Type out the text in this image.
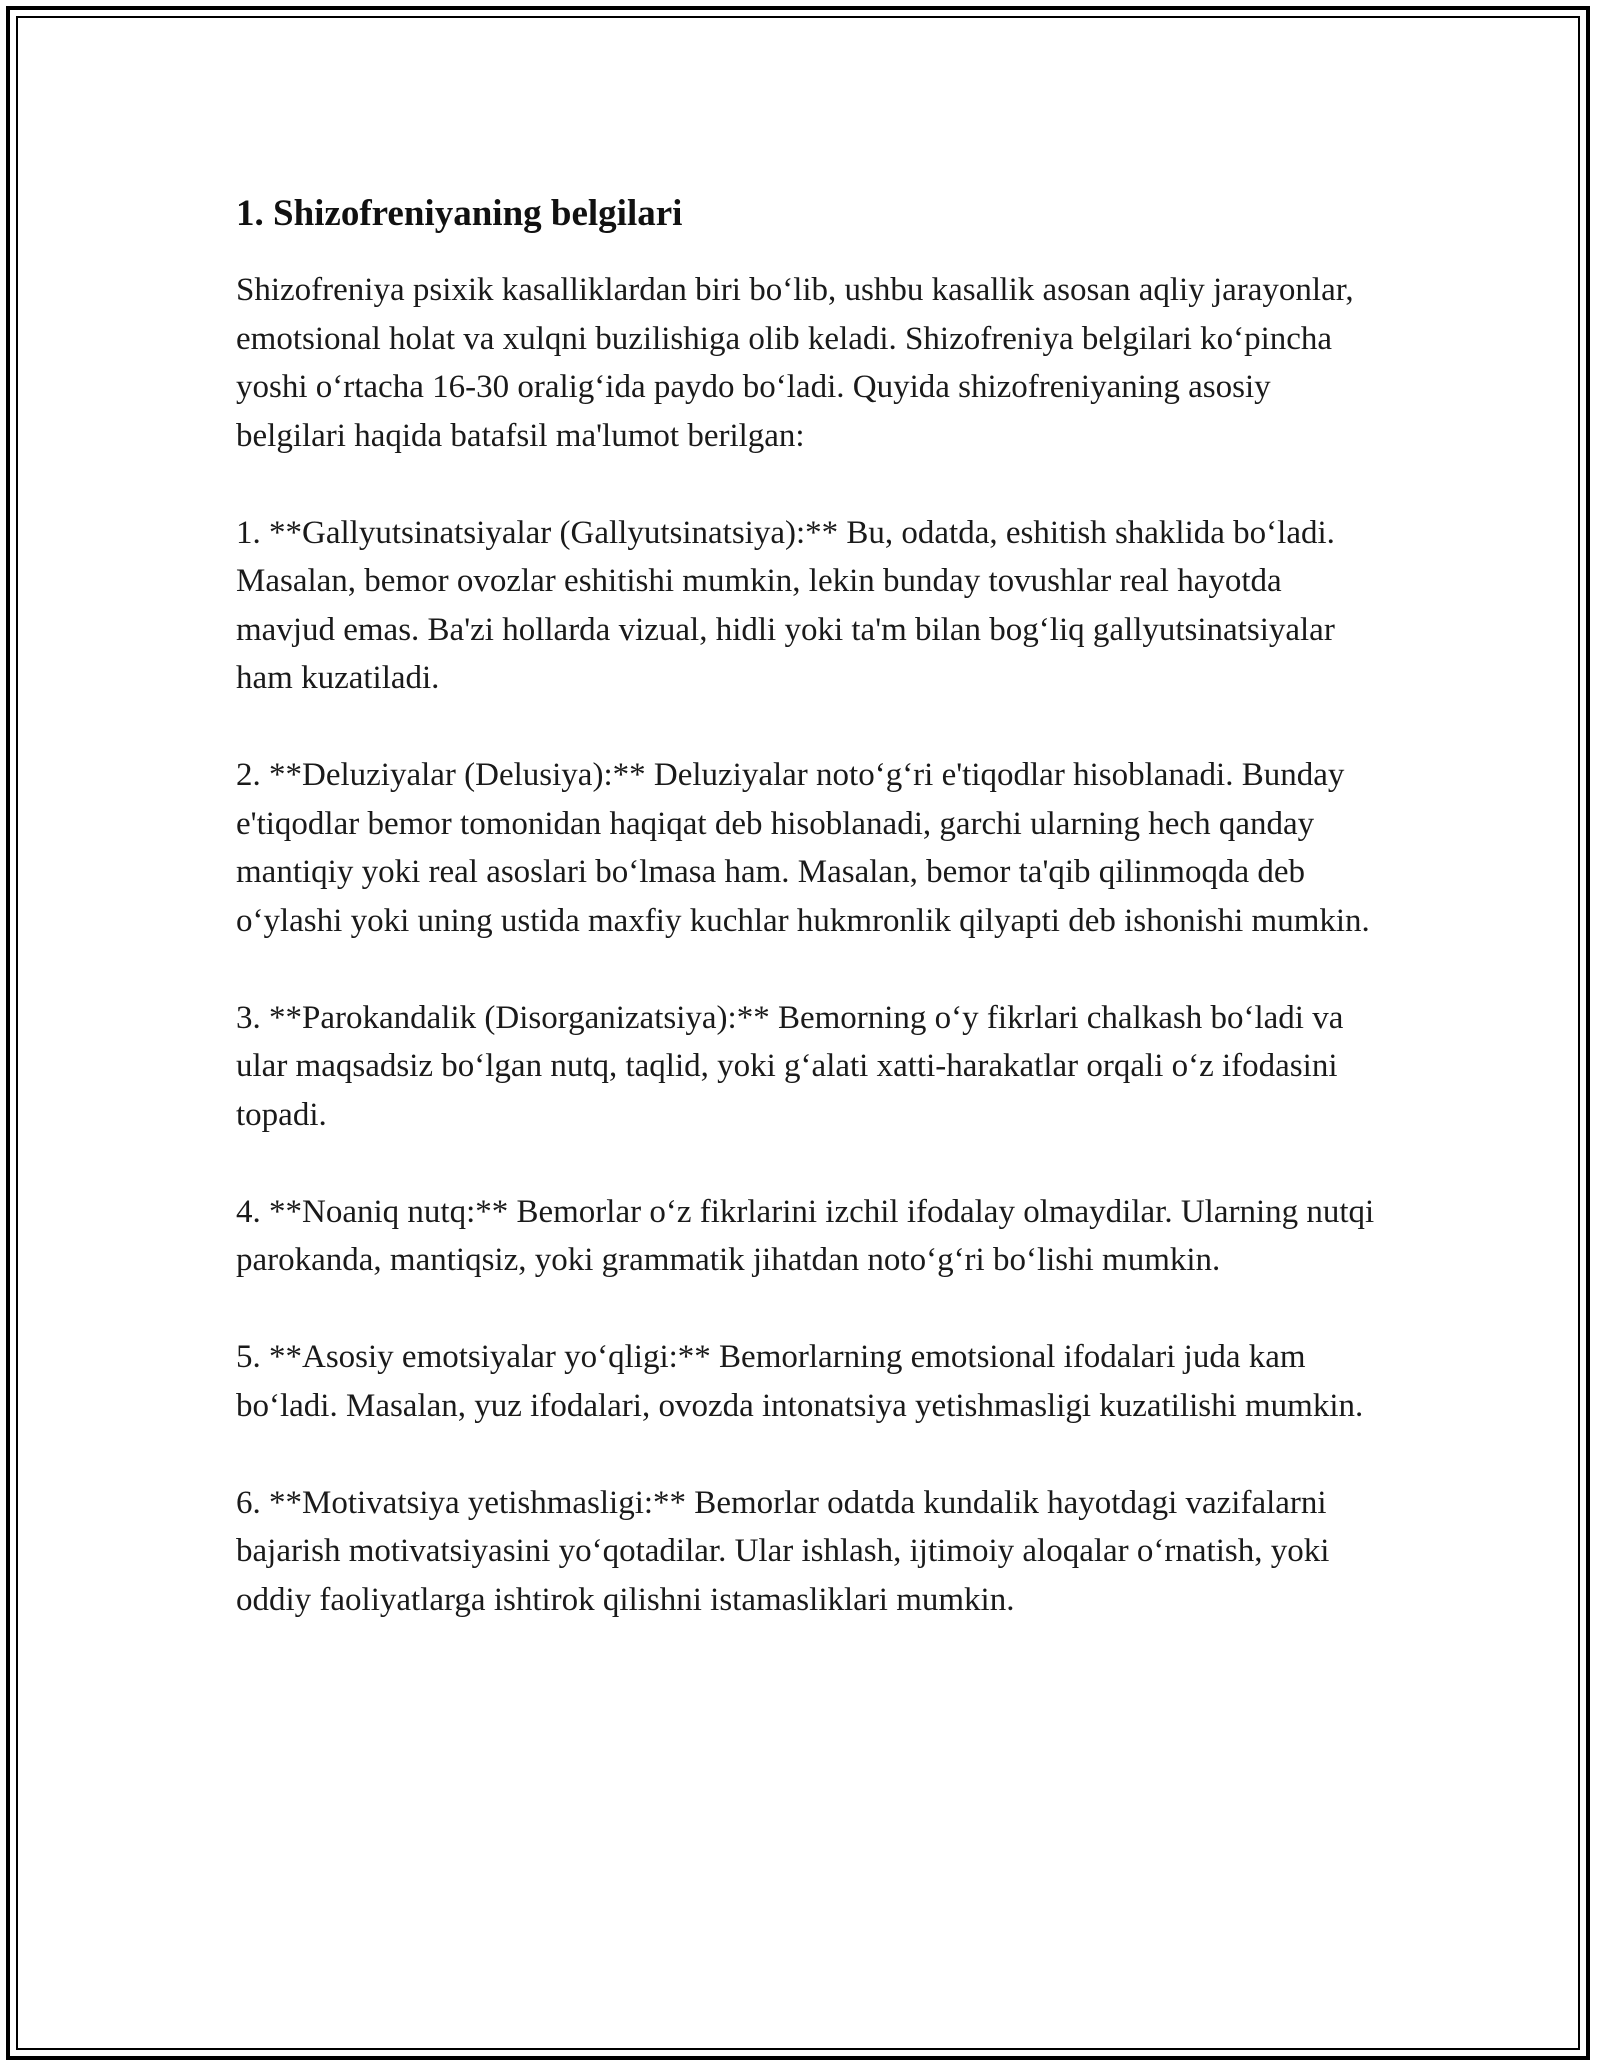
1. Shizofreniyaning belgilari

Shizofreniya psixik kasalliklardan biri boʻlib, ushbu kasallik asosan aqliy jarayonlar, emotsional holat va xulqni buzilishiga olib keladi. Shizofreniya belgilari koʻpincha yoshi oʻrtacha 16-30 oraligʻida paydo boʻladi. Quyida shizofreniyaning asosiy belgilari haqida batafsil ma'lumot berilgan:

1. **Gallyutsinatsiyalar (Gallyutsinatsiya):** Bu, odatda, eshitish shaklida boʻladi. Masalan, bemor ovozlar eshitishi mumkin, lekin bunday tovushlar real hayotda mavjud emas. Ba'zi hollarda vizual, hidli yoki ta'm bilan bogʻliq gallyutsinatsiyalar ham kuzatiladi.

2. **Deluziyalar (Delusiya):** Deluziyalar notoʻgʻri e'tiqodlar hisoblanadi. Bunday e'tiqodlar bemor tomonidan haqiqat deb hisoblanadi, garchi ularning hech qanday mantiqiy yoki real asoslari boʻlmasa ham. Masalan, bemor ta'qib qilinmoqda deb oʻylashi yoki uning ustida maxfiy kuchlar hukmronlik qilyapti deb ishonishi mumkin.

3. **Parokandalik (Disorganizatsiya):** Bemorning oʻy fikrlari chalkash boʻladi va ular maqsadsiz boʻlgan nutq, taqlid, yoki gʻalati xatti-harakatlar orqali oʻz ifodasini topadi.

4. **Noaniq nutq:** Bemorlar oʻz fikrlarini izchil ifodalay olmaydilar. Ularning nutqi parokanda, mantiqsiz, yoki grammatik jihatdan notoʻgʻri boʻlishi mumkin.

5. **Asosiy emotsiyalar yoʻqligi:** Bemorlarning emotsional ifodalari juda kam boʻladi. Masalan, yuz ifodalari, ovozda intonatsiya yetishmasligi kuzatilishi mumkin.

6. **Motivatsiya yetishmasligi:** Bemorlar odatda kundalik hayotdagi vazifalarni bajarish motivatsiyasini yoʻqotadilar. Ular ishlash, ijtimoiy aloqalar oʻrnatish, yoki oddiy faoliyatlarga ishtirok qilishni istamasliklari mumkin.
